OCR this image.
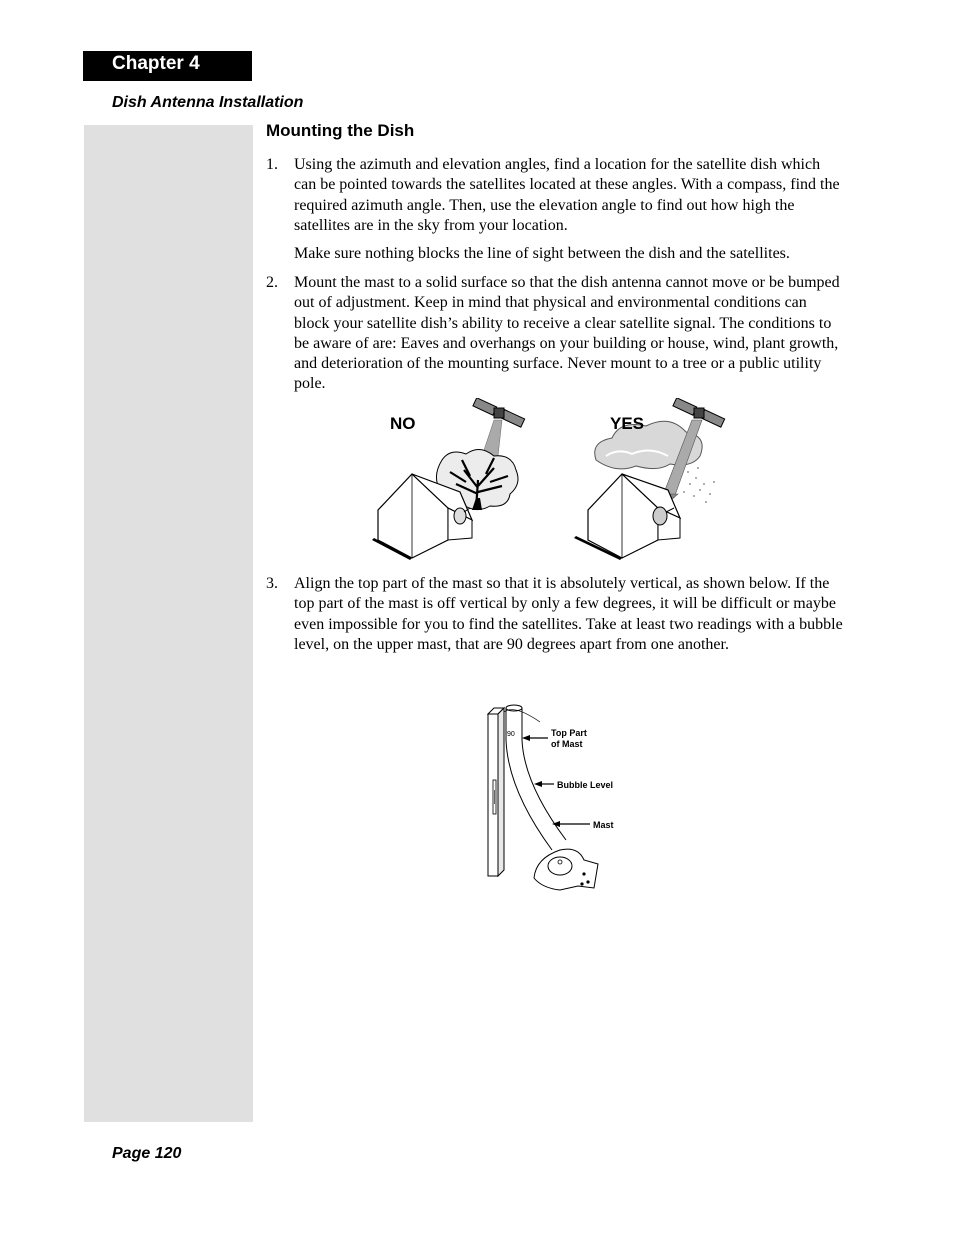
Chapter 4
Dish Antenna Installation
Mounting the Dish
1. Using the azimuth and elevation angles, find a location for the satellite dish which can be pointed towards the satellites located at these angles. With a compass, find the required azimuth angle. Then, use the elevation angle to find out how high the satellites are in the sky from your location.
Make sure nothing blocks the line of sight between the dish and the satellites.
2. Mount the mast to a solid surface so that the dish antenna cannot move or be bumped out of adjustment. Keep in mind that physical and environmental conditions can block your satellite dish’s ability to receive a clear satellite signal. The conditions to be aware of are: Eaves and overhangs on your building or house, wind, plant growth, and deterioration of the mounting surface. Never mount to a tree or a public utility pole.
NO	YES
3. Align the top part of the mast so that it is absolutely vertical, as shown below. If the top part of the mast is off vertical by only a few degrees, it will be difficult or maybe even impossible for you to find the satellites. Take at least two readings with a bubble level, on the upper mast, that are 90 degrees apart from one another.
90	Top Part
of Mast
Bubble Level
Mast
Page 120
